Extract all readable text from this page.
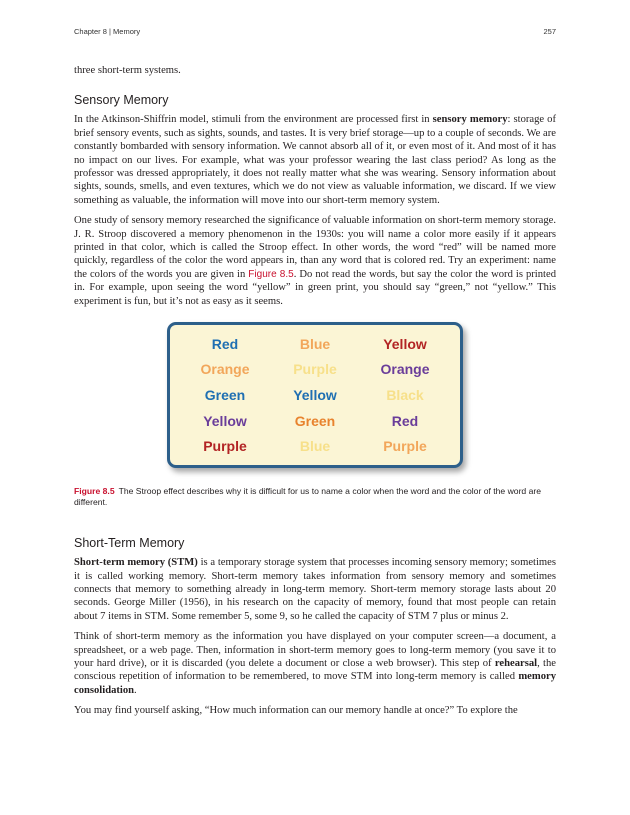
Chapter 8 | Memory	257

three short-term systems.

Sensory Memory

In the Atkinson-Shiffrin model, stimuli from the environment are processed first in sensory memory: storage of brief sensory events, such as sights, sounds, and tastes. It is very brief storage—up to a couple of seconds. We are constantly bombarded with sensory information. We cannot absorb all of it, or even most of it. And most of it has no impact on our lives. For example, what was your professor wearing the last class period? As long as the professor was dressed appropriately, it does not really matter what she was wearing. Sensory information about sights, sounds, smells, and even textures, which we do not view as valuable information, we discard. If we view something as valuable, the information will move into our short-term memory system.

One study of sensory memory researched the significance of valuable information on short-term memory storage. J. R. Stroop discovered a memory phenomenon in the 1930s: you will name a color more easily if it appears printed in that color, which is called the Stroop effect. In other words, the word “red” will be named more quickly, regardless of the color the word appears in, than any word that is colored red. Try an experiment: name the colors of the words you are given in Figure 8.5. Do not read the words, but say the color the word is printed in. For example, upon seeing the word “yellow” in green print, you should say “green,” not “yellow.” This experiment is fun, but it’s not as easy as it seems.

Red	Blue	Yellow
Orange	Purple	Orange
Green	Yellow	Black
Yellow	Green	Red
Purple	Blue	Purple

Figure 8.5 The Stroop effect describes why it is difficult for us to name a color when the word and the color of the word are different.

Short-Term Memory

Short-term memory (STM) is a temporary storage system that processes incoming sensory memory; sometimes it is called working memory. Short-term memory takes information from sensory memory and sometimes connects that memory to something already in long-term memory. Short-term memory storage lasts about 20 seconds. George Miller (1956), in his research on the capacity of memory, found that most people can retain about 7 items in STM. Some remember 5, some 9, so he called the capacity of STM 7 plus or minus 2.

Think of short-term memory as the information you have displayed on your computer screen—a document, a spreadsheet, or a web page. Then, information in short-term memory goes to long-term memory (you save it to your hard drive), or it is discarded (you delete a document or close a web browser). This step of rehearsal, the conscious repetition of information to be remembered, to move STM into long-term memory is called memory consolidation.

You may find yourself asking, “How much information can our memory handle at once?” To explore the
